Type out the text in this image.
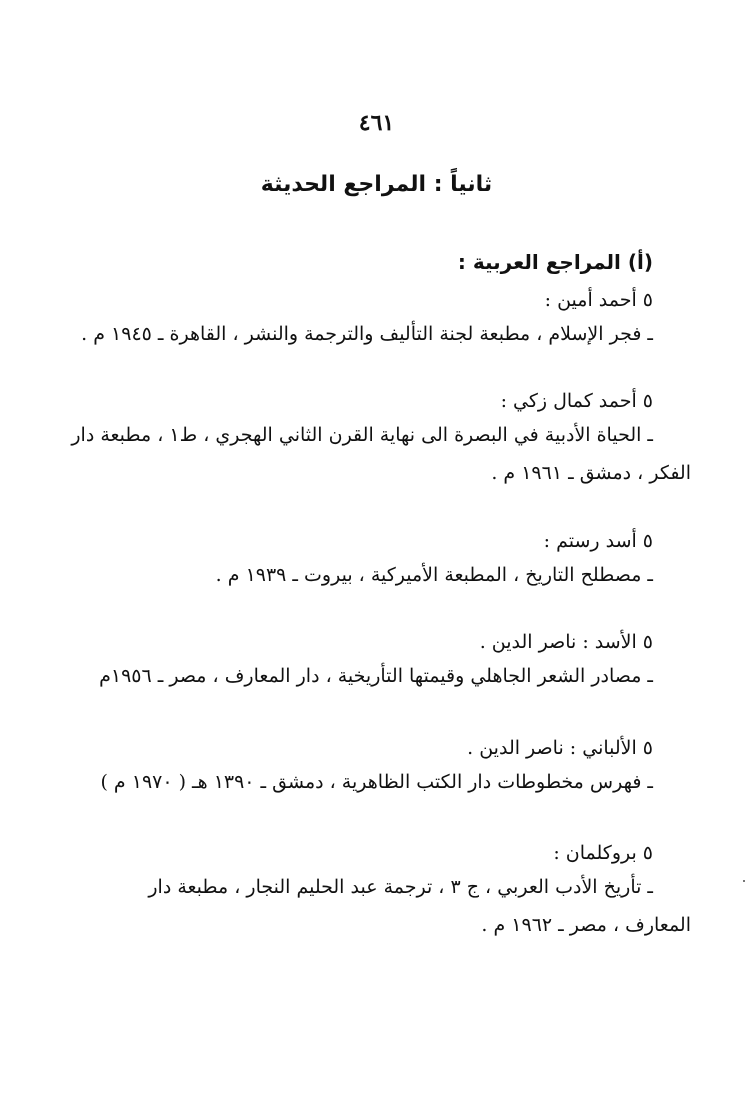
٤٦١
ثانياً : المراجع الحديثة
(أ) المراجع العربية :
٥أحمد أمين :
ـفجر الإسلام ، مطبعة لجنة التأليف والترجمة والنشر ، القاهرة ـ ١٩٤٥ م .
٥أحمد كمال زكي :
ـالحياة الأدبية في البصرة الى نهاية القرن الثاني الهجري ، ط١ ، مطبعة دار
الفكر ، دمشق ـ ١٩٦١ م .
٥أسد رستم :
ـمصطلح التاريخ ، المطبعة الأميركية ، بيروت ـ ١٩٣٩ م .
٥الأسد : ناصر الدين .
ـمصادر الشعر الجاهلي وقيمتها التأريخية ، دار المعارف ، مصر ـ ١٩٥٦م
٥الألباني : ناصر الدين .
ـفهرس مخطوطات دار الكتب الظاهرية ، دمشق ـ ١٣٩٠ هـ ( ١٩٧٠ م )
٥بروكلمان :
ـتأريخ الأدب العربي ، ج ٣ ، ترجمة عبد الحليم النجار ، مطبعة دار
المعارف ، مصر ـ ١٩٦٢ م .
